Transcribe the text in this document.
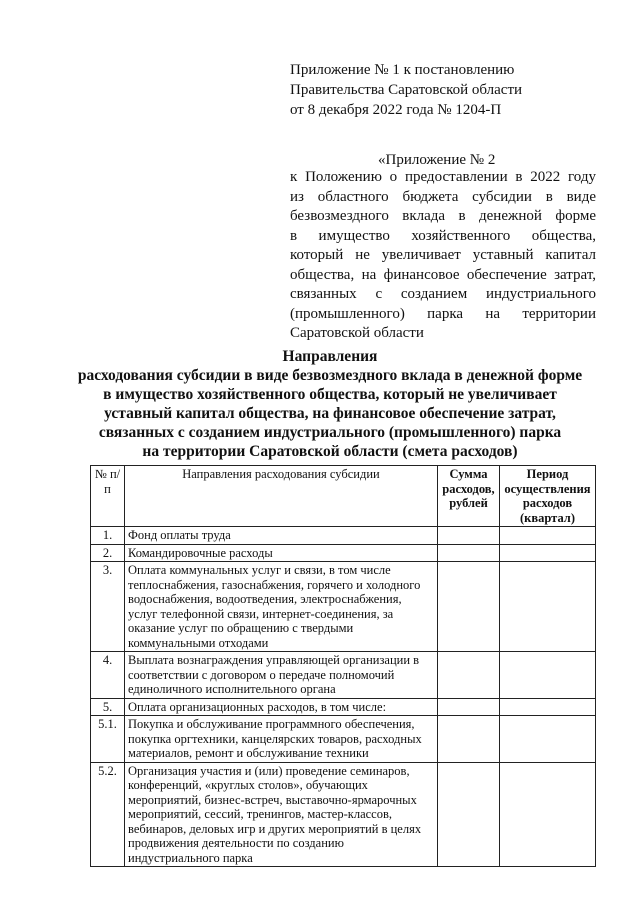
Приложение № 1 к постановлению
Правительства Саратовской области
от 8 декабря 2022 года № 1204-П
«Приложение № 2
к Положению о предоставлении в 2022 году
из областного бюджета субсидии в виде
безвозмездного вклада в денежной форме
в имущество хозяйственного общества,
который не увеличивает уставный капитал
общества, на финансовое обеспечение затрат,
связанных с созданием индустриального
(промышленного) парка на территории
Саратовской области
Направления
расходования субсидии в виде безвозмездного вклада в денежной форме
в имущество хозяйственного общества, который не увеличивает
уставный капитал общества, на финансовое обеспечение затрат,
связанных с созданием индустриального (промышленного) парка
на территории Саратовской области (смета расходов)
№ п/п	Направления расходования субсидии	Сумма расходов, рублей	Период осуществления расходов (квартал)
1.	Фонд оплаты труда		
2.	Командировочные расходы		
3.	Оплата коммунальных услуг и связи, в том числе теплоснабжения, газоснабжения, горячего и холодного водоснабжения, водоотведения, электроснабжения, услуг телефонной связи, интернет-соединения, за оказание услуг по обращению с твердыми коммунальными отходами		
4.	Выплата вознаграждения управляющей организации в соответствии с договором о передаче полномочий единоличного исполнительного органа		
5.	Оплата организационных расходов, в том числе:		
5.1.	Покупка и обслуживание программного обеспечения, покупка оргтехники, канцелярских товаров, расходных материалов, ремонт и обслуживание техники		
5.2.	Организация участия и (или) проведение семинаров, конференций, «круглых столов», обучающих мероприятий, бизнес-встреч, выставочно-ярмарочных мероприятий, сессий, тренингов, мастер-классов, вебинаров, деловых игр и других мероприятий в целях продвижения деятельности по созданию индустриального парка		
